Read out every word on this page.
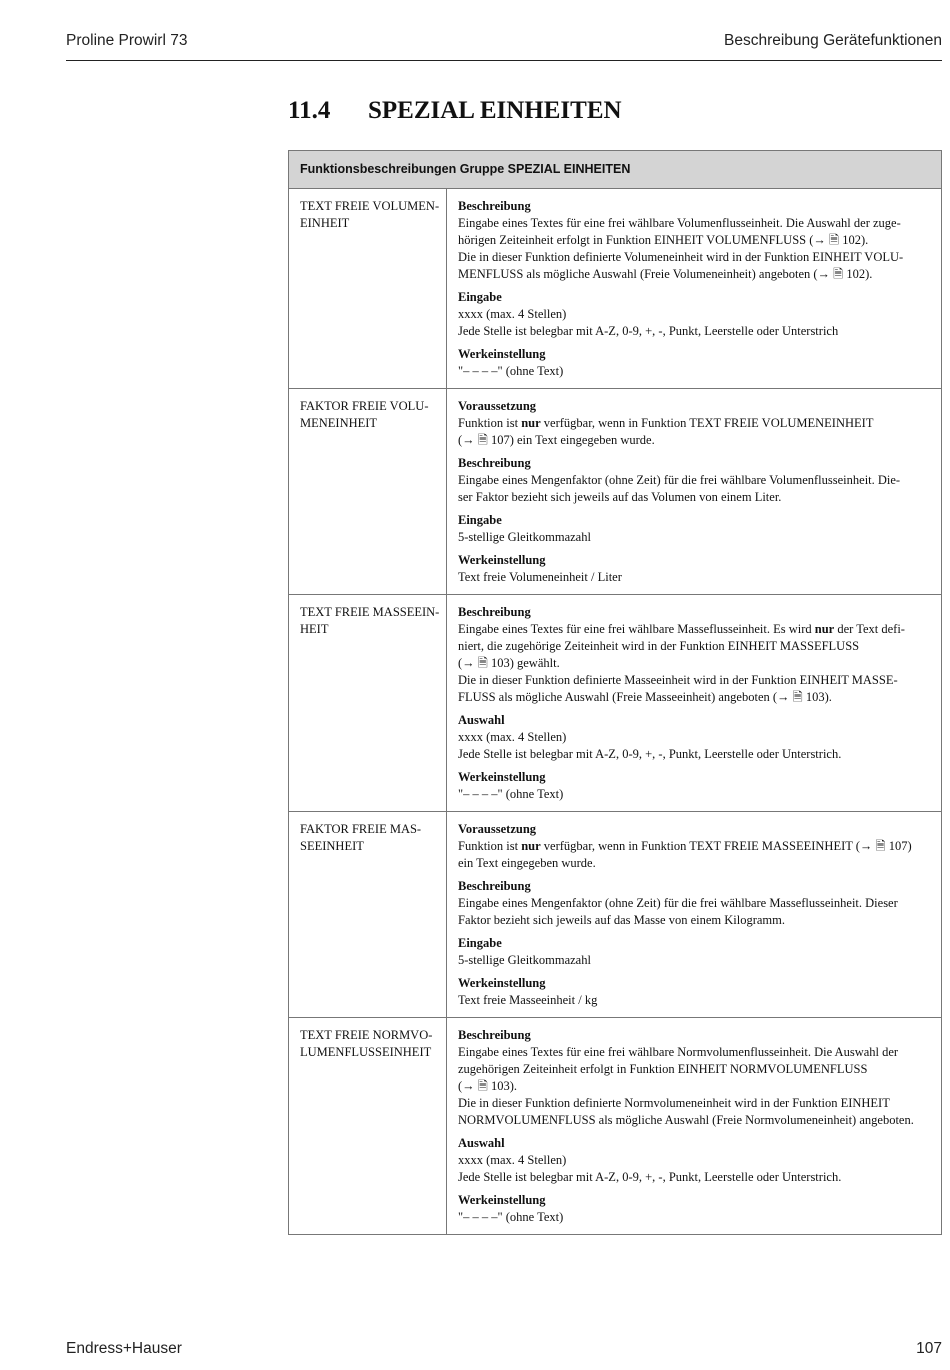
Proline Prowirl 73	Beschreibung Gerätefunktionen
11.4 SPEZIAL EINHEITEN
Funktionsbeschreibungen Gruppe SPEZIAL EINHEITEN
TEXT FREIE VOLUMEN-
EINHEIT
Beschreibung
Eingabe eines Textes für eine frei wählbare Volumenflusseinheit. Die Auswahl der zuge-
hörigen Zeiteinheit erfolgt in Funktion EINHEIT VOLUMENFLUSS (→ 🗎 102).
Die in dieser Funktion definierte Volumeneinheit wird in der Funktion EINHEIT VOLU-
MENFLUSS als mögliche Auswahl (Freie Volumeneinheit) angeboten (→ 🗎 102).
Eingabe
xxxx (max. 4 Stellen)
Jede Stelle ist belegbar mit A-Z, 0-9, +, -, Punkt, Leerstelle oder Unterstrich
Werkeinstellung
"– – – –" (ohne Text)
FAKTOR FREIE VOLU-
MENEINHEIT
Voraussetzung
Funktion ist nur verfügbar, wenn in Funktion TEXT FREIE VOLUMENEINHEIT
(→ 🗎 107) ein Text eingegeben wurde.
Beschreibung
Eingabe eines Mengenfaktor (ohne Zeit) für die frei wählbare Volumenflusseinheit. Die-
ser Faktor bezieht sich jeweils auf das Volumen von einem Liter.
Eingabe
5-stellige Gleitkommazahl
Werkeinstellung
Text freie Volumeneinheit / Liter
TEXT FREIE MASSEEIN-
HEIT
Beschreibung
Eingabe eines Textes für eine frei wählbare Masseflusseinheit. Es wird nur der Text defi-
niert, die zugehörige Zeiteinheit wird in der Funktion EINHEIT MASSEFLUSS
(→ 🗎 103) gewählt.
Die in dieser Funktion definierte Masseeinheit wird in der Funktion EINHEIT MASSE-
FLUSS als mögliche Auswahl (Freie Masseeinheit) angeboten (→ 🗎 103).
Auswahl
xxxx (max. 4 Stellen)
Jede Stelle ist belegbar mit A-Z, 0-9, +, -, Punkt, Leerstelle oder Unterstrich.
Werkeinstellung
"– – – –" (ohne Text)
FAKTOR FREIE MAS-
SEEINHEIT
Voraussetzung
Funktion ist nur verfügbar, wenn in Funktion TEXT FREIE MASSEEINHEIT (→ 🗎 107)
ein Text eingegeben wurde.
Beschreibung
Eingabe eines Mengenfaktor (ohne Zeit) für die frei wählbare Masseflusseinheit. Dieser
Faktor bezieht sich jeweils auf das Masse von einem Kilogramm.
Eingabe
5-stellige Gleitkommazahl
Werkeinstellung
Text freie Masseeinheit / kg
TEXT FREIE NORMVO-
LUMENFLUSSEINHEIT
Beschreibung
Eingabe eines Textes für eine frei wählbare Normvolumenflusseinheit. Die Auswahl der
zugehörigen Zeiteinheit erfolgt in Funktion EINHEIT NORMVOLUMENFLUSS
(→ 🗎 103).
Die in dieser Funktion definierte Normvolumeneinheit wird in der Funktion EINHEIT
NORMVOLUMENFLUSS als mögliche Auswahl (Freie Normvolumeneinheit) angeboten.
Auswahl
xxxx (max. 4 Stellen)
Jede Stelle ist belegbar mit A-Z, 0-9, +, -, Punkt, Leerstelle oder Unterstrich.
Werkeinstellung
"– – – –" (ohne Text)
Endress+Hauser	107
